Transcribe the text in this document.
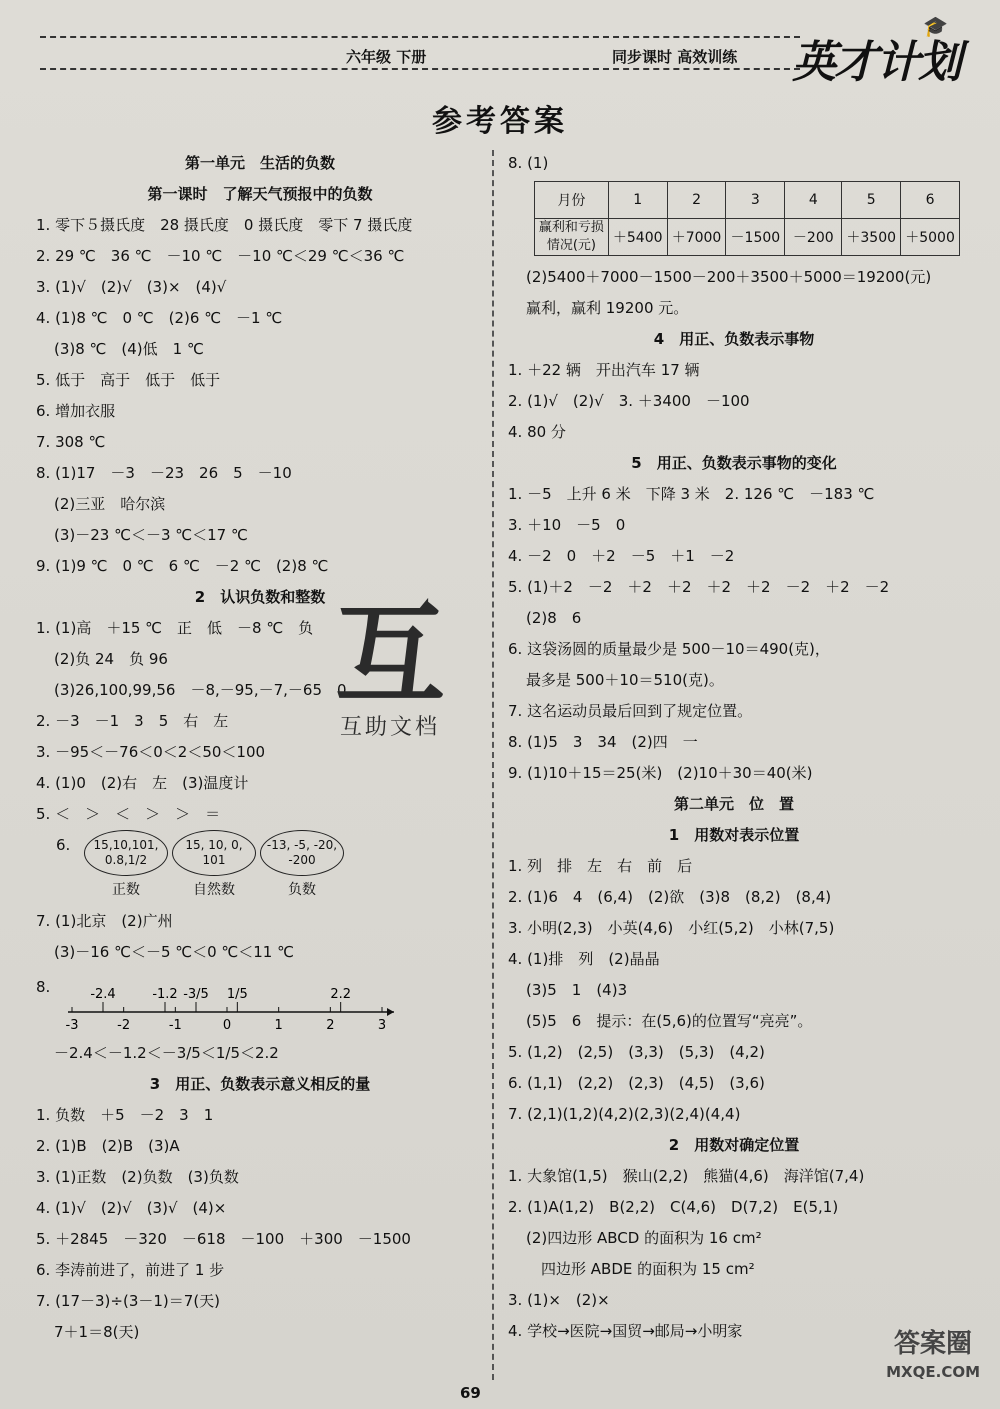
六年级 下册	同步课时 高效训练
🎓
英才计划
参考答案
第一单元　生活的负数
第一课时　了解天气预报中的负数
1. 零下５摄氏度　28 摄氏度　0 摄氏度　零下 7 摄氏度
2. 29 ℃　36 ℃　－10 ℃　－10 ℃＜29 ℃＜36 ℃
3. (1)√　(2)√　(3)×　(4)√
4. (1)8 ℃　0 ℃　(2)6 ℃　－1 ℃
(3)8 ℃　(4)低　1 ℃
5. 低于　高于　低于　低于
6. 增加衣服
7. 308 ℃
8. (1)17　－3　－23　26　5　－10
(2)三亚　哈尔滨
(3)－23 ℃＜－3 ℃＜17 ℃
9. (1)9 ℃　0 ℃　6 ℃　－2 ℃　(2)8 ℃
2　认识负数和整数
1. (1)高　＋15 ℃　正　低　－8 ℃　负
(2)负 24　负 96
(3)26,100,99,56　－8,－95,－7,－65　0
2. －3　－1　3　5　右　左
3. －95＜－76＜0＜2＜50＜100
4. (1)0　(2)右　左　(3)温度计
5. ＜　＞　＜　＞　＞　＝
6.	15,10,101, 0.8,1/2
正数
15, 10, 0, 101
自然数
-13, -5, -20, -200
负数
7. (1)北京　(2)广州
(3)－16 ℃＜－5 ℃＜0 ℃＜11 ℃
8.
-3	-2	-1	0	1	2	3
-2.4	-1.2 -3/5 1/5	2.2
－2.4＜－1.2＜－3/5＜1/5＜2.2
3　用正、负数表示意义相反的量
1. 负数　＋5　－2　3　1
2. (1)B　(2)B　(3)A
3. (1)正数　(2)负数　(3)负数
4. (1)√　(2)√　(3)√　(4)×
5. ＋2845　－320　－618　－100　＋300　－1500
6. 李涛前进了，前进了 1 步
7. (17－3)÷(3－1)＝7(天)
7＋1＝8(天)
8. (1)
月份	1	2	3	4	5	6
赢利和亏损情况(元)	＋5400	＋7000	－1500	－200	＋3500	＋5000
(2)5400＋7000－1500－200＋3500＋5000＝19200(元)
赢利，赢利 19200 元。
4　用正、负数表示事物
1. ＋22 辆　开出汽车 17 辆
2. (1)√　(2)√　3. ＋3400　－100
4. 80 分
5　用正、负数表示事物的变化
1. －5　上升 6 米　下降 3 米　2. 126 ℃　－183 ℃
3. ＋10　－5　0
4. －2　0　＋2　－5　＋1　－2
5. (1)＋2　－2　＋2　＋2　＋2　＋2　－2　＋2　－2
(2)8　6
6. 这袋汤圆的质量最少是 500－10＝490(克)，
最多是 500＋10＝510(克)。
7. 这名运动员最后回到了规定位置。
8. (1)5　3　34　(2)四　一
9. (1)10＋15＝25(米)　(2)10＋30＝40(米)
第二单元　位　置
1　用数对表示位置
1. 列　排　左　右　前　后
2. (1)6　4　(6,4)　(2)欲　(3)8　(8,2)　(8,4)
3. 小明(2,3)　小英(4,6)　小红(5,2)　小林(7,5)
4. (1)排　列　(2)晶晶
(3)5　1　(4)3
(5)5　6　提示：在(5,6)的位置写“亮亮”。
5. (1,2)　(2,5)　(3,3)　(5,3)　(4,2)
6. (1,1)　(2,2)　(2,3)　(4,5)　(3,6)
7. (2,1)(1,2)(4,2)(2,3)(2,4)(4,4)
2　用数对确定位置
1. 大象馆(1,5)　猴山(2,2)　熊猫(4,6)　海洋馆(7,4)
2. (1)A(1,2)　B(2,2)　C(4,6)　D(7,2)　E(5,1)
(2)四边形 ABCD 的面积为 16 cm²
　四边形 ABDE 的面积为 15 cm²
3. (1)×　(2)×
4. 学校→医院→国贸→邮局→小明家
互
互助文档
69
答案圈
MXQE.COM
